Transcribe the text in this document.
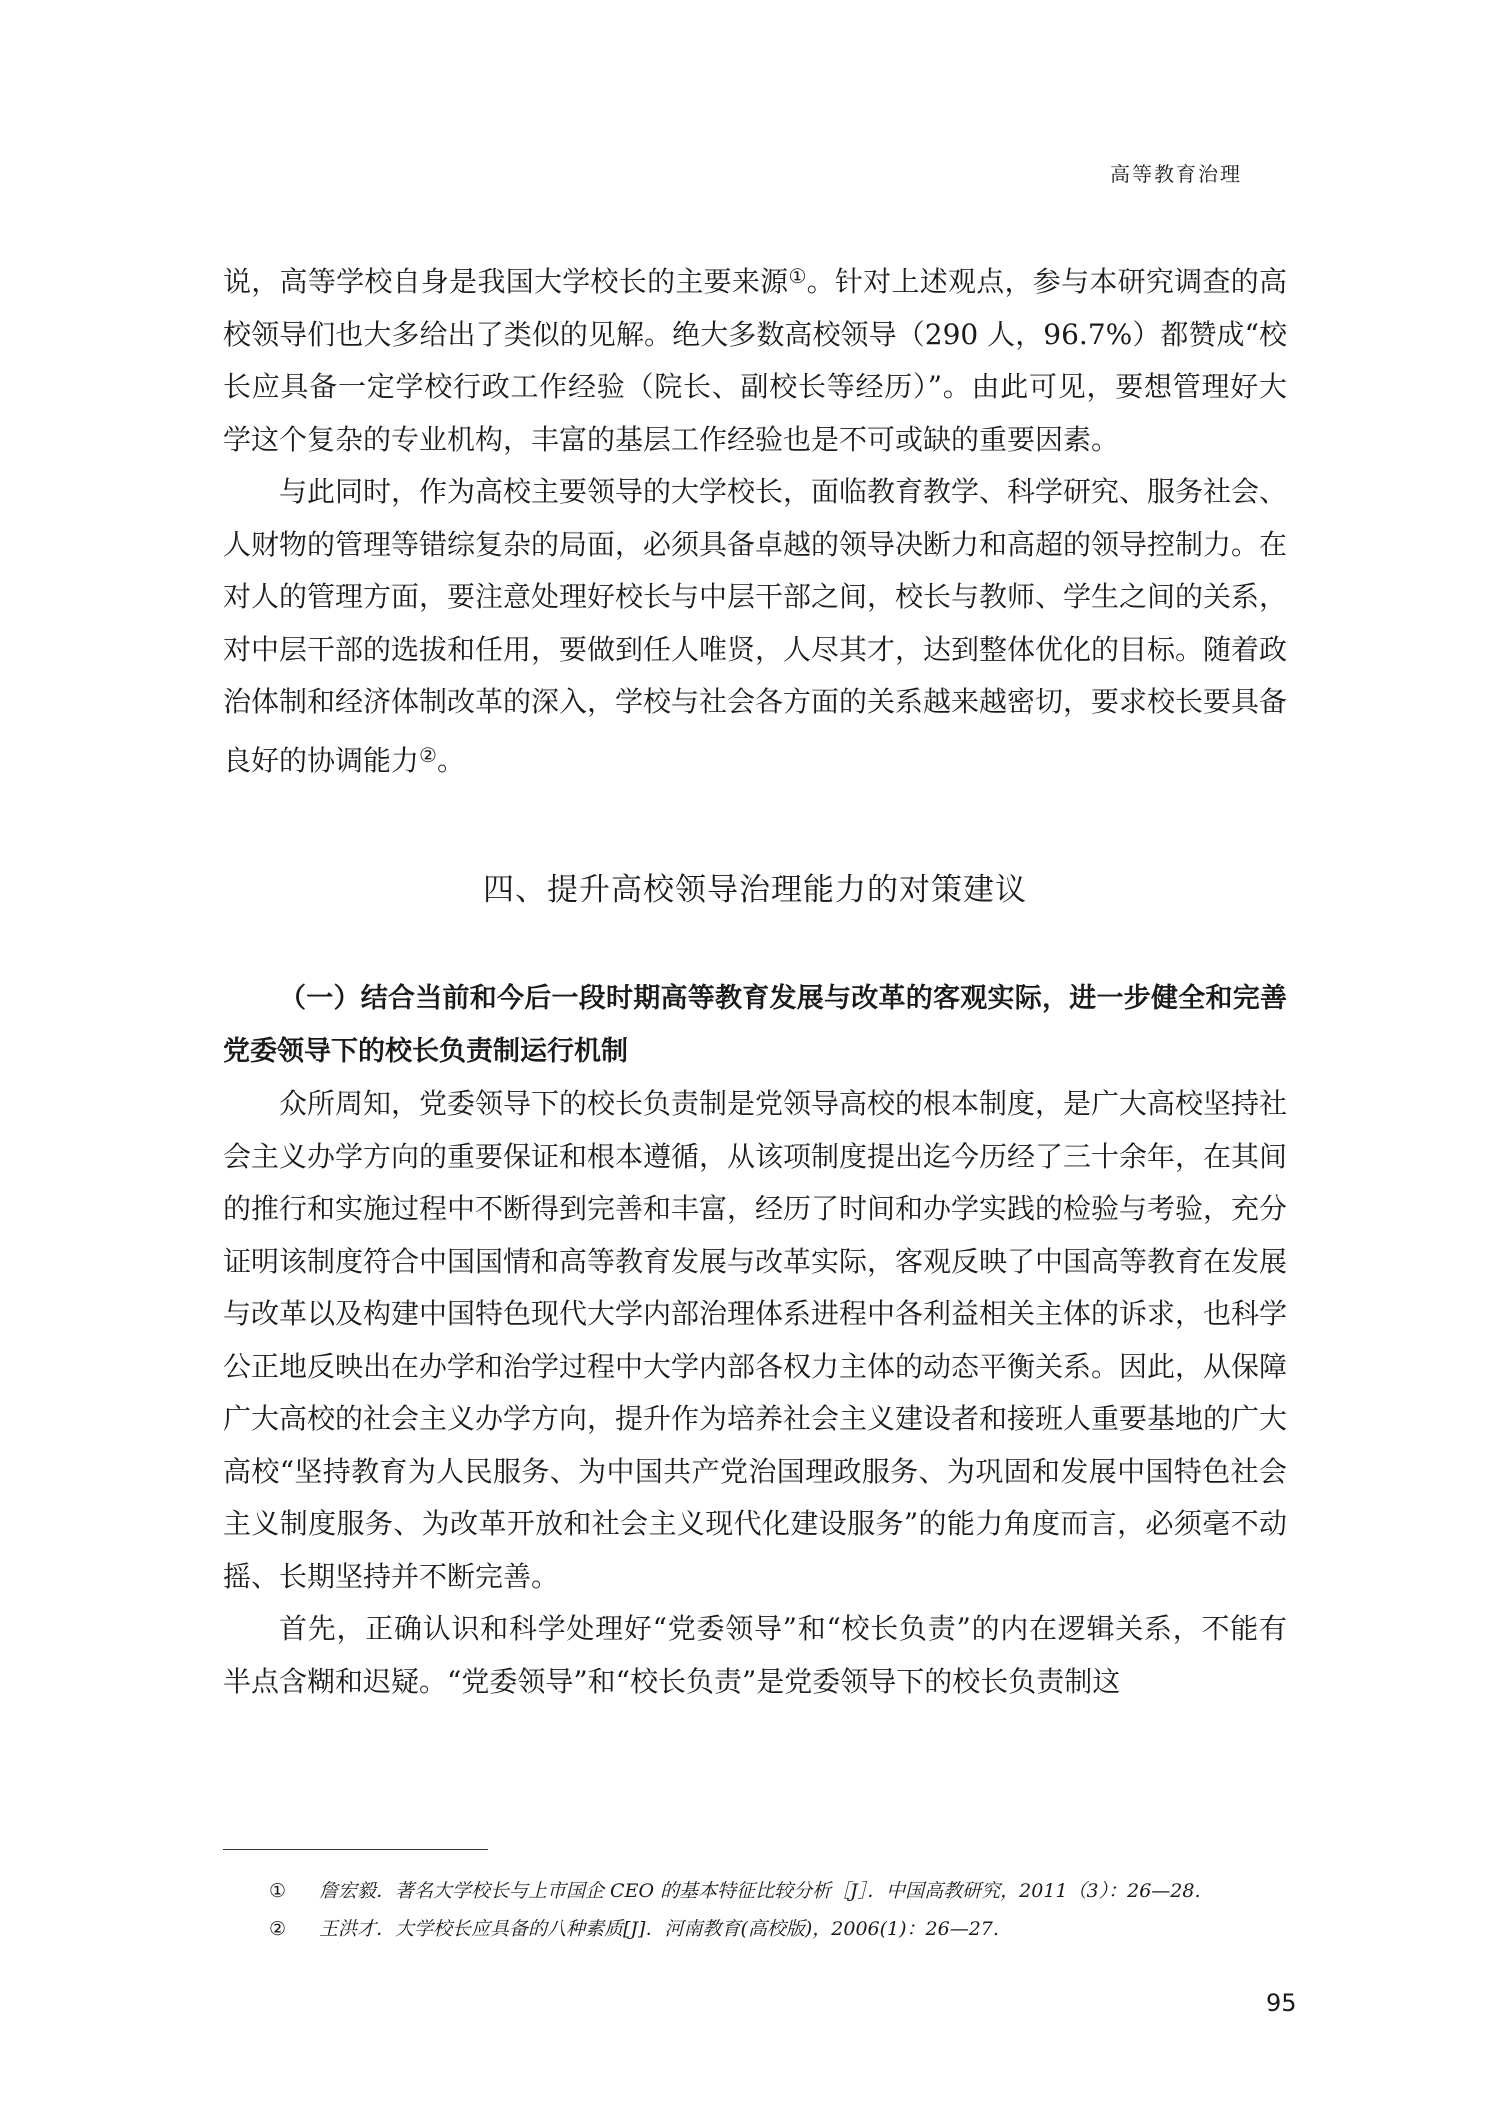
高等教育治理

说，高等学校自身是我国大学校长的主要来源①。针对上述观点，参与本研究调查的高校领导们也大多给出了类似的见解。绝大多数高校领导（290 人，96.7%）都赞成“校长应具备一定学校行政工作经验（院长、副校长等经历）”。由此可见，要想管理好大学这个复杂的专业机构，丰富的基层工作经验也是不可或缺的重要因素。

与此同时，作为高校主要领导的大学校长，面临教育教学、科学研究、服务社会、人财物的管理等错综复杂的局面，必须具备卓越的领导决断力和高超的领导控制力。在对人的管理方面，要注意处理好校长与中层干部之间，校长与教师、学生之间的关系，对中层干部的选拔和任用，要做到任人唯贤，人尽其才，达到整体优化的目标。随着政治体制和经济体制改革的深入，学校与社会各方面的关系越来越密切，要求校长要具备良好的协调能力②。

四、提升高校领导治理能力的对策建议
（一）结合当前和今后一段时期高等教育发展与改革的客观实际，进一步健全和完善党委领导下的校长负责制运行机制

众所周知，党委领导下的校长负责制是党领导高校的根本制度，是广大高校坚持社会主义办学方向的重要保证和根本遵循，从该项制度提出迄今历经了三十余年，在其间的推行和实施过程中不断得到完善和丰富，经历了时间和办学实践的检验与考验，充分证明该制度符合中国国情和高等教育发展与改革实际，客观反映了中国高等教育在发展与改革以及构建中国特色现代大学内部治理体系进程中各利益相关主体的诉求，也科学公正地反映出在办学和治学过程中大学内部各权力主体的动态平衡关系。因此，从保障广大高校的社会主义办学方向，提升作为培养社会主义建设者和接班人重要基地的广大高校“坚持教育为人民服务、为中国共产党治国理政服务、为巩固和发展中国特色社会主义制度服务、为改革开放和社会主义现代化建设服务”的能力角度而言，必须毫不动摇、长期坚持并不断完善。

首先，正确认识和科学处理好“党委领导”和“校长负责”的内在逻辑关系，不能有半点含糊和迟疑。“党委领导”和“校长负责”是党委领导下的校长负责制这

① 詹宏毅．著名大学校长与上市国企 CEO 的基本特征比较分析［J］．中国高教研究，2011（3）：26—28.

② 王洪才．大学校长应具备的八种素质[J]．河南教育(高校版)，2006(1)：26—27.

95
